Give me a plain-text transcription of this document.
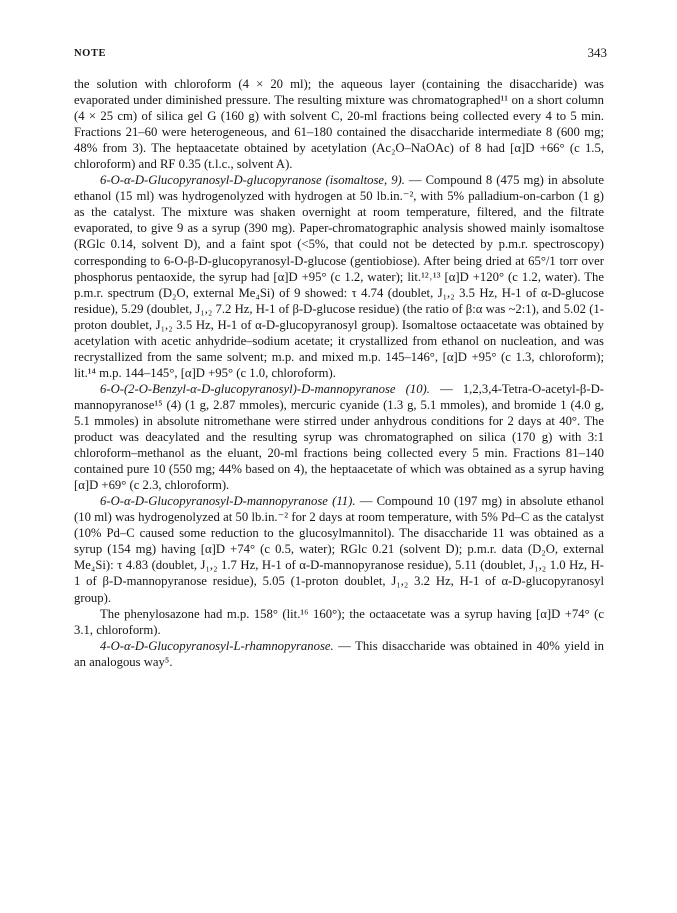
NOTE	343

the solution with chloroform (4 × 20 ml); the aqueous layer (containing the disaccharide) was evaporated under diminished pressure. The resulting mixture was chromatographed¹¹ on a short column (4 × 25 cm) of silica gel G (160 g) with solvent C, 20-ml fractions being collected every 4 to 5 min. Fractions 21–60 were heterogeneous, and 61–180 contained the disaccharide intermediate 8 (600 mg; 48% from 3). The heptaacetate obtained by acetylation (Ac₂O–NaOAc) of 8 had [α]D +66° (c 1.5, chloroform) and RF 0.35 (t.l.c., solvent A).

6-O-α-D-Glucopyranosyl-D-glucopyranose (isomaltose, 9). — Compound 8 (475 mg) in absolute ethanol (15 ml) was hydrogenolyzed with hydrogen at 50 lb.in.⁻², with 5% palladium-on-carbon (1 g) as the catalyst. The mixture was shaken overnight at room temperature, filtered, and the filtrate evaporated, to give 9 as a syrup (390 mg). Paper-chromatographic analysis showed mainly isomaltose (RGlc 0.14, solvent D), and a faint spot (<5%, that could not be detected by p.m.r. spectroscopy) corresponding to 6-O-β-D-glucopyranosyl-D-glucose (gentiobiose). After being dried at 65°/1 torr over phosphorus pentaoxide, the syrup had [α]D +95° (c 1.2, water); lit.¹²˒¹³ [α]D +120° (c 1.2, water). The p.m.r. spectrum (D₂O, external Me₄Si) of 9 showed: τ 4.74 (doublet, J₁,₂ 3.5 Hz, H-1 of α-D-glucose residue), 5.29 (doublet, J₁,₂ 7.2 Hz, H-1 of β-D-glucose residue) (the ratio of β:α was ~2:1), and 5.02 (1-proton doublet, J₁,₂ 3.5 Hz, H-1 of α-D-glucopyranosyl group). Isomaltose octaacetate was obtained by acetylation with acetic anhydride–sodium acetate; it crystallized from ethanol on nucleation, and was recrystallized from the same solvent; m.p. and mixed m.p. 145–146°, [α]D +95° (c 1.3, chloroform); lit.¹⁴ m.p. 144–145°, [α]D +95° (c 1.0, chloroform).

6-O-(2-O-Benzyl-α-D-glucopyranosyl)-D-mannopyranose (10). — 1,2,3,4-Tetra-O-acetyl-β-D-mannopyranose¹⁵ (4) (1 g, 2.87 mmoles), mercuric cyanide (1.3 g, 5.1 mmoles), and bromide 1 (4.0 g, 5.1 mmoles) in absolute nitromethane were stirred under anhydrous conditions for 2 days at 40°. The product was deacylated and the resulting syrup was chromatographed on silica (170 g) with 3:1 chloroform–methanol as the eluant, 20-ml fractions being collected every 5 min. Fractions 81–140 contained pure 10 (550 mg; 44% based on 4), the heptaacetate of which was obtained as a syrup having [α]D +69° (c 2.3, chloroform).

6-O-α-D-Glucopyranosyl-D-mannopyranose (11). — Compound 10 (197 mg) in absolute ethanol (10 ml) was hydrogenolyzed at 50 lb.in.⁻² for 2 days at room temperature, with 5% Pd–C as the catalyst (10% Pd–C caused some reduction to the glucosylmannitol). The disaccharide 11 was obtained as a syrup (154 mg) having [α]D +74° (c 0.5, water); RGlc 0.21 (solvent D); p.m.r. data (D₂O, external Me₄Si): τ 4.83 (doublet, J₁,₂ 1.7 Hz, H-1 of α-D-mannopyranose residue), 5.11 (doublet, J₁,₂ 1.0 Hz, H-1 of β-D-mannopyranose residue), 5.05 (1-proton doublet, J₁,₂ 3.2 Hz, H-1 of α-D-glucopyranosyl group).

The phenylosazone had m.p. 158° (lit.¹⁶ 160°); the octaacetate was a syrup having [α]D +74° (c 3.1, chloroform).

4-O-α-D-Glucopyranosyl-L-rhamnopyranose. — This disaccharide was obtained in 40% yield in an analogous way⁵.
